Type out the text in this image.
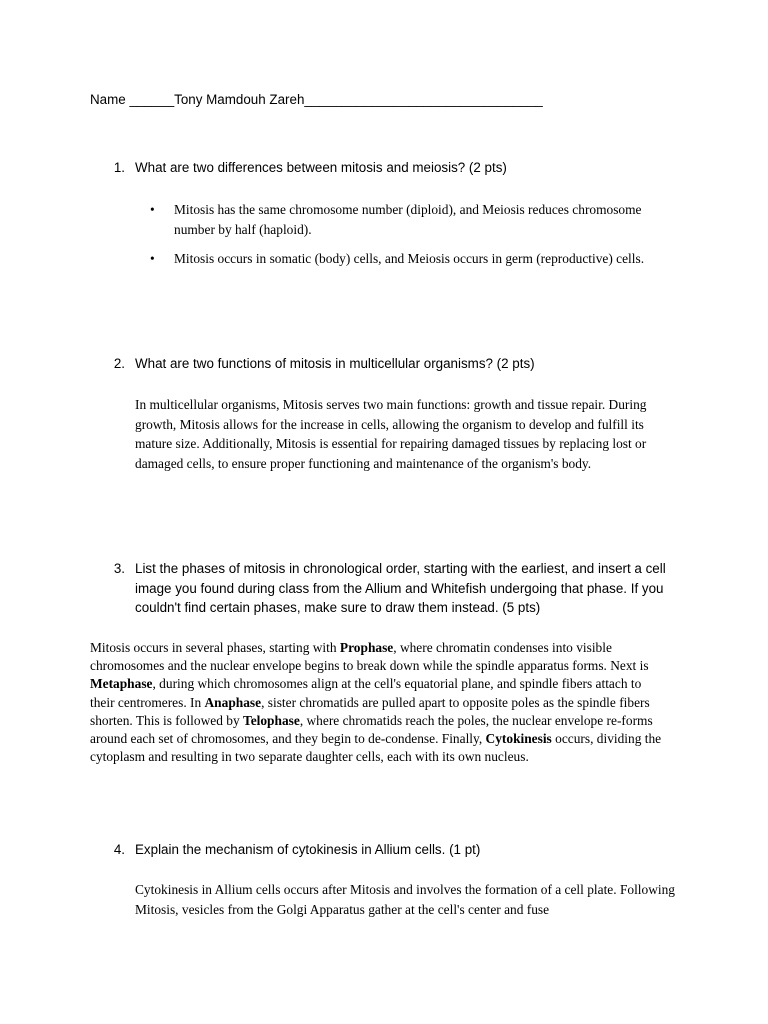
Name ______Tony Mamdouh Zareh________________________________
1. What are two differences between mitosis and meiosis? (2 pts)
•	Mitosis has the same chromosome number (diploid), and Meiosis reduces chromosome number by half (haploid).
•	Mitosis occurs in somatic (body) cells, and Meiosis occurs in germ (reproductive) cells.
2. What are two functions of mitosis in multicellular organisms? (2 pts)
In multicellular organisms, Mitosis serves two main functions: growth and tissue repair. During growth, Mitosis allows for the increase in cells, allowing the organism to develop and fulfill its mature size. Additionally, Mitosis is essential for repairing damaged tissues by replacing lost or damaged cells, to ensure proper functioning and maintenance of the organism's body.
3. List the phases of mitosis in chronological order, starting with the earliest, and insert a cell image you found during class from the Allium and Whitefish undergoing that phase. If you couldn't find certain phases, make sure to draw them instead. (5 pts)
Mitosis occurs in several phases, starting with Prophase, where chromatin condenses into visible chromosomes and the nuclear envelope begins to break down while the spindle apparatus forms. Next is Metaphase, during which chromosomes align at the cell's equatorial plane, and spindle fibers attach to their centromeres. In Anaphase, sister chromatids are pulled apart to opposite poles as the spindle fibers shorten. This is followed by Telophase, where chromatids reach the poles, the nuclear envelope re-forms around each set of chromosomes, and they begin to de-condense. Finally, Cytokinesis occurs, dividing the cytoplasm and resulting in two separate daughter cells, each with its own nucleus.
4. Explain the mechanism of cytokinesis in Allium cells. (1 pt)
Cytokinesis in Allium cells occurs after Mitosis and involves the formation of a cell plate. Following Mitosis, vesicles from the Golgi Apparatus gather at the cell's center and fuse
